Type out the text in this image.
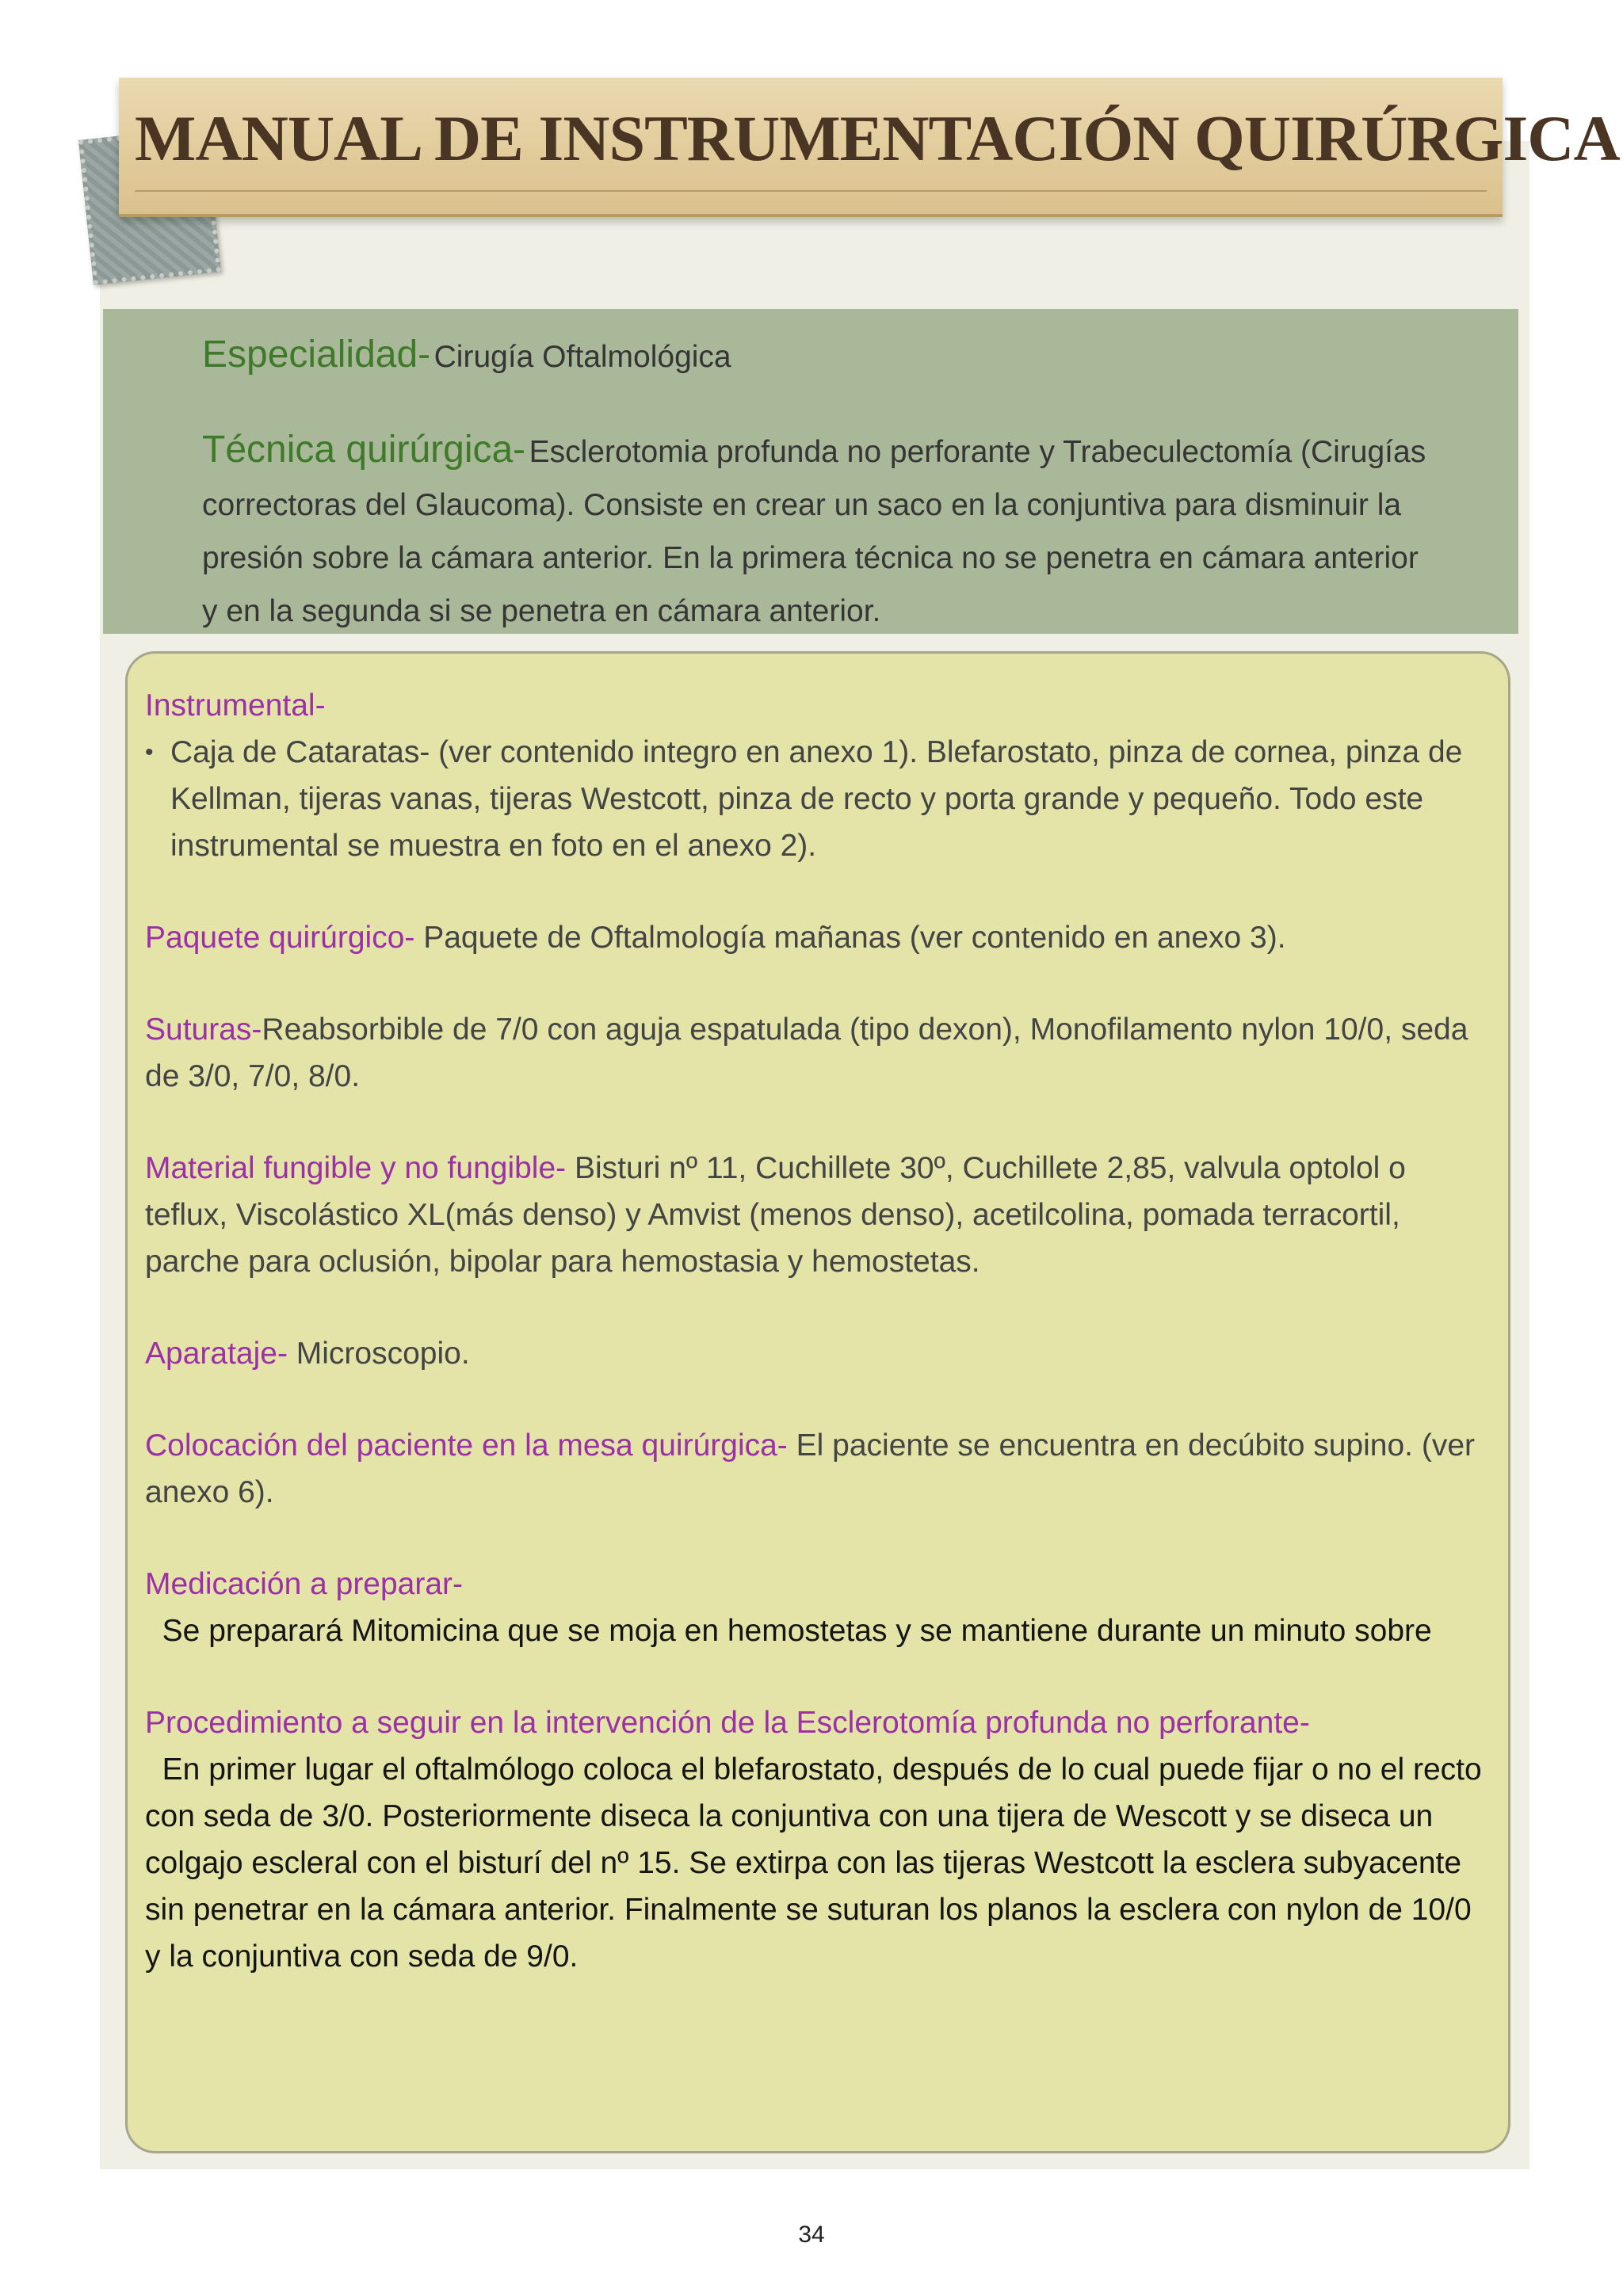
MANUAL DE INSTRUMENTACIÓN QUIRÚRGICA
Especialidad- Cirugía Oftalmológica
Técnica quirúrgica- Esclerotomia profunda no perforante y Trabeculectomía (Cirugías correctoras del Glaucoma). Consiste en crear un saco en la conjuntiva para disminuir la presión sobre la cámara anterior. En la primera técnica no se penetra en cámara anterior y en la segunda si se penetra en cámara anterior.
Instrumental-
• Caja de Cataratas- (ver contenido integro en anexo 1). Blefarostato, pinza de cornea, pinza de Kellman, tijeras vanas, tijeras Westcott, pinza de recto y porta grande y pequeño. Todo este instrumental se muestra en foto en el anexo 2).
Paquete quirúrgico- Paquete de Oftalmología mañanas (ver contenido en anexo 3).
Suturas-Reabsorbible de 7/0 con aguja espatulada (tipo dexon), Monofilamento nylon 10/0, seda de 3/0, 7/0, 8/0.
Material fungible y no fungible- Bisturi nº 11, Cuchillete 30º, Cuchillete 2,85, valvula optolol o teflux, Viscolástico XL(más denso) y Amvist (menos denso), acetilcolina, pomada terracortil, parche para oclusión, bipolar para hemostasia y hemostetas.
Aparataje- Microscopio.
Colocación del paciente en la mesa quirúrgica- El paciente se encuentra en decúbito supino. (ver anexo 6).
Medicación a preparar-
Se preparará Mitomicina que se moja en hemostetas y se mantiene durante un minuto sobre
Procedimiento a seguir en la intervención de la Esclerotomía profunda no perforante-
En primer lugar el oftalmólogo coloca el blefarostato, después de lo cual puede fijar o no el recto con seda de 3/0. Posteriormente diseca la conjuntiva con una tijera de Wescott y se diseca un colgajo escleral con el bisturí del nº 15. Se extirpa con las tijeras Westcott la esclera subyacente sin penetrar en la cámara anterior. Finalmente se suturan los planos la esclera con nylon de 10/0 y la conjuntiva con seda de 9/0.
34
